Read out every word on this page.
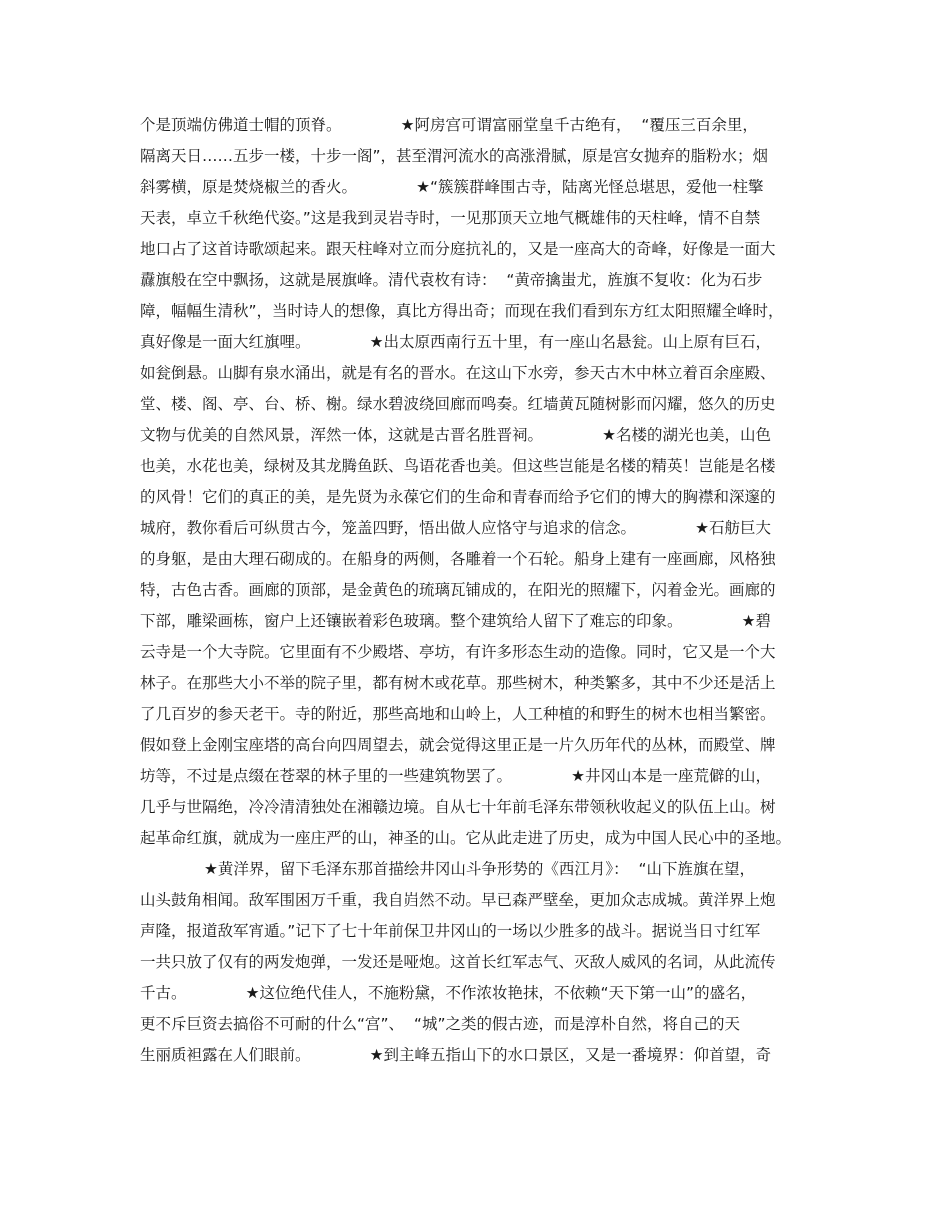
个是顶端仿佛道士帽的顶脊。            ★阿房宫可谓富丽堂皇千古绝有，  “覆压三百余里，
隔离天日……五步一楼，十步一阁”，甚至渭河流水的高涨滑腻，原是宫女抛弃的脂粉水；烟
斜雾横，原是焚烧椒兰的香火。            ★“簇簇群峰围古寺，陆离光怪总堪思，爱他一柱擎
天表，卓立千秋绝代姿。”这是我到灵岩寺时，一见那顶天立地气概雄伟的天柱峰，情不自禁
地口占了这首诗歌颂起来。跟天柱峰对立而分庭抗礼的，又是一座高大的奇峰，好像是一面大
纛旗般在空中飘扬，这就是展旗峰。清代袁枚有诗：  “黄帝擒蚩尤，旌旗不复收：化为石步
障，幅幅生清秋”，当时诗人的想像，真比方得出奇；而现在我们看到东方红太阳照耀全峰时，
真好像是一面大红旗哩。            ★出太原西南行五十里，有一座山名悬瓮。山上原有巨石，
如瓮倒悬。山脚有泉水涌出，就是有名的晋水。在这山下水旁，参天古木中林立着百余座殿、
堂、楼、阁、亭、台、桥、榭。绿水碧波绕回廊而鸣奏。红墙黄瓦随树影而闪耀，悠久的历史
文物与优美的自然风景，浑然一体，这就是古晋名胜晋祠。            ★名楼的湖光也美，山色
也美，水花也美，绿树及其龙腾鱼跃、鸟语花香也美。但这些岂能是名楼的精英！岂能是名楼
的风骨！它们的真正的美，是先贤为永葆它们的生命和青春而给予它们的博大的胸襟和深邃的
城府，教你看后可纵贯古今，笼盖四野，悟出做人应恪守与追求的信念。            ★石舫巨大
的身躯，是由大理石砌成的。在船身的两侧，各雕着一个石轮。船身上建有一座画廊，风格独
特，古色古香。画廊的顶部，是金黄色的琉璃瓦铺成的，在阳光的照耀下，闪着金光。画廊的
下部，雕梁画栋，窗户上还镶嵌着彩色玻璃。整个建筑给人留下了难忘的印象。            ★碧
云寺是一个大寺院。它里面有不少殿塔、亭坊，有许多形态生动的造像。同时，它又是一个大
林子。在那些大小不举的院子里，都有树木或花草。那些树木，种类繁多，其中不少还是活上
了几百岁的参天老干。寺的附近，那些高地和山岭上，人工种植的和野生的树木也相当繁密。
假如登上金刚宝座塔的高台向四周望去，就会觉得这里正是一片久历年代的丛林，而殿堂、牌
坊等，不过是点缀在苍翠的林子里的一些建筑物罢了。            ★井冈山本是一座荒僻的山，
几乎与世隔绝，冷冷清清独处在湘赣边境。自从七十年前毛泽东带领秋收起义的队伍上山。树
起革命红旗，就成为一座庄严的山，神圣的山。它从此走进了历史，成为中国人民心中的圣地。
★黄洋界，留下毛泽东那首描绘井冈山斗争形势的《西江月》：  “山下旌旗在望，
山头鼓角相闻。敌军围困万千重，我自岿然不动。早已森严壁垒，更加众志成城。黄洋界上炮
声隆，报道敌军宵遁。”记下了七十年前保卫井冈山的一场以少胜多的战斗。据说当日寸红军
一共只放了仅有的两发炮弹，一发还是哑炮。这首长红军志气、灭敌人威风的名词，从此流传
千古。            ★这位绝代佳人，不施粉黛，不作浓妆艳抹，不依赖“天下第一山”的盛名，
更不斥巨资去搞俗不可耐的什么“宫”、  “城”之类的假古迹，而是淳朴自然，将自己的天
生丽质袒露在人们眼前。            ★到主峰五指山下的水口景区，又是一番境界：仰首望，奇
